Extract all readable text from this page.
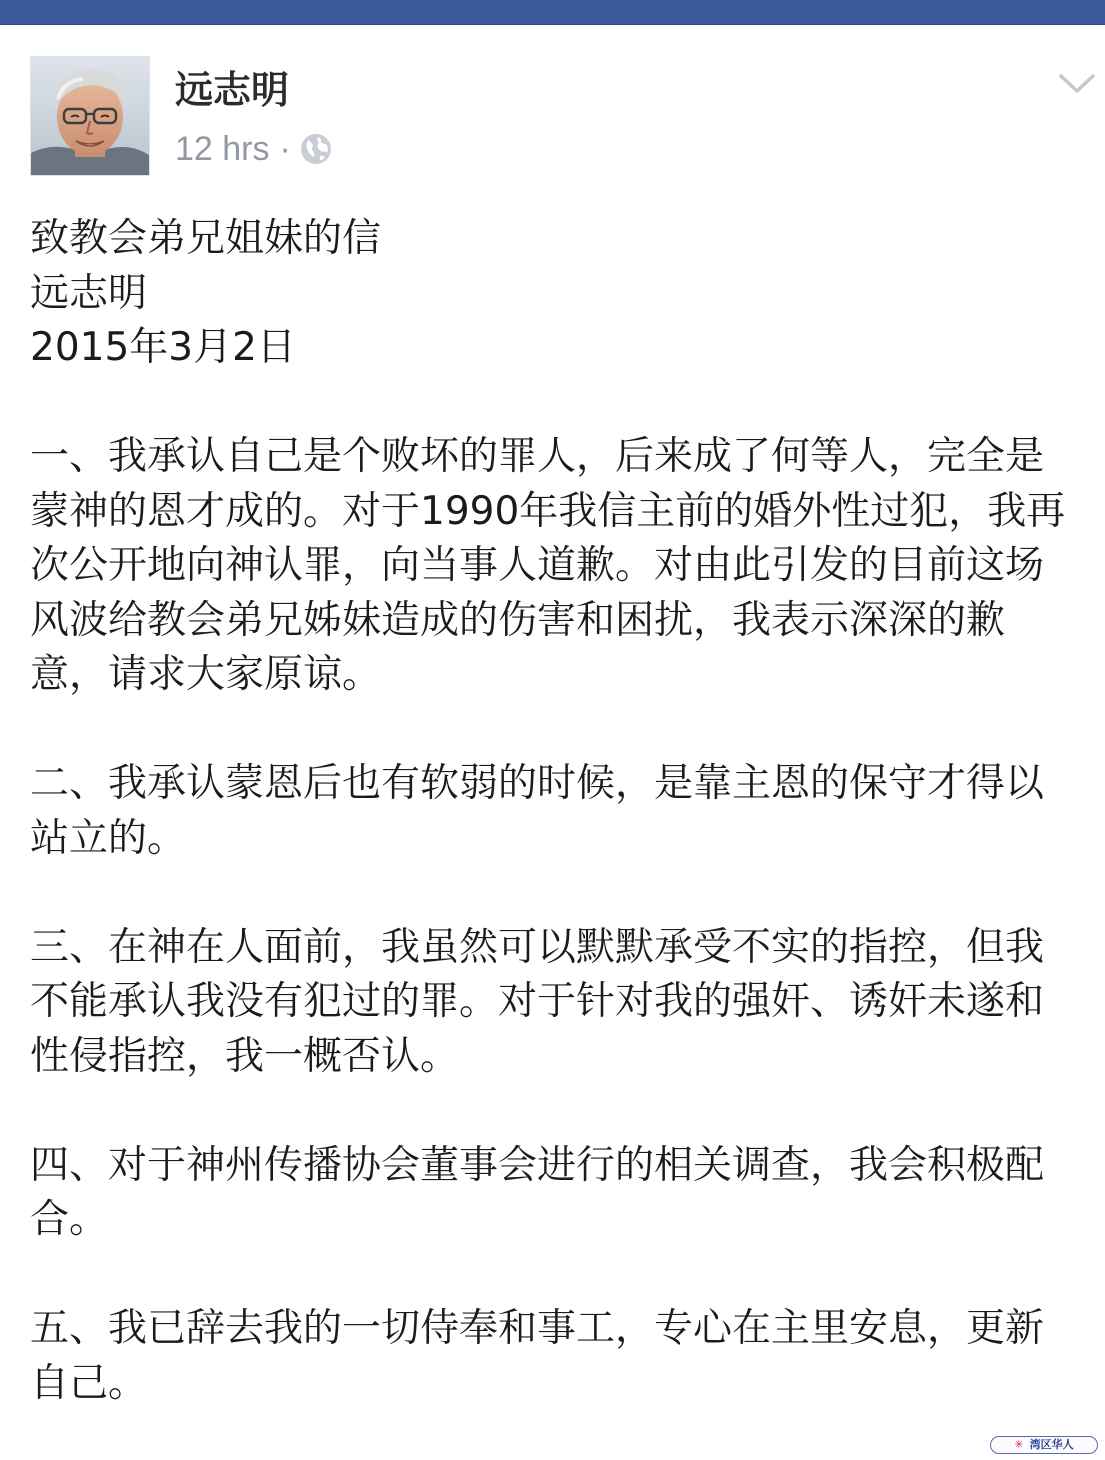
远志明
12 hrs ·

致教会弟兄姐妹的信

远志明

2015年3月2日

一、我承认自己是个败坏的罪人，后来成了何等人，完全是蒙神的恩才成的。对于1990年我信主前的婚外性过犯，我再次公开地向神认罪，向当事人道歉。对由此引发的目前这场风波给教会弟兄姊妹造成的伤害和困扰，我表示深深的歉意，请求大家原谅。

二、我承认蒙恩后也有软弱的时候，是靠主恩的保守才得以站立的。

三、在神在人面前，我虽然可以默默承受不实的指控，但我不能承认我没有犯过的罪。对于针对我的强奸、诱奸未遂和性侵指控，我一概否认。

四、对于神州传播协会董事会进行的相关调查，我会积极配合。

五、我已辞去我的一切侍奉和事工，专心在主里安息，更新自己。

✳ 湾区华人
